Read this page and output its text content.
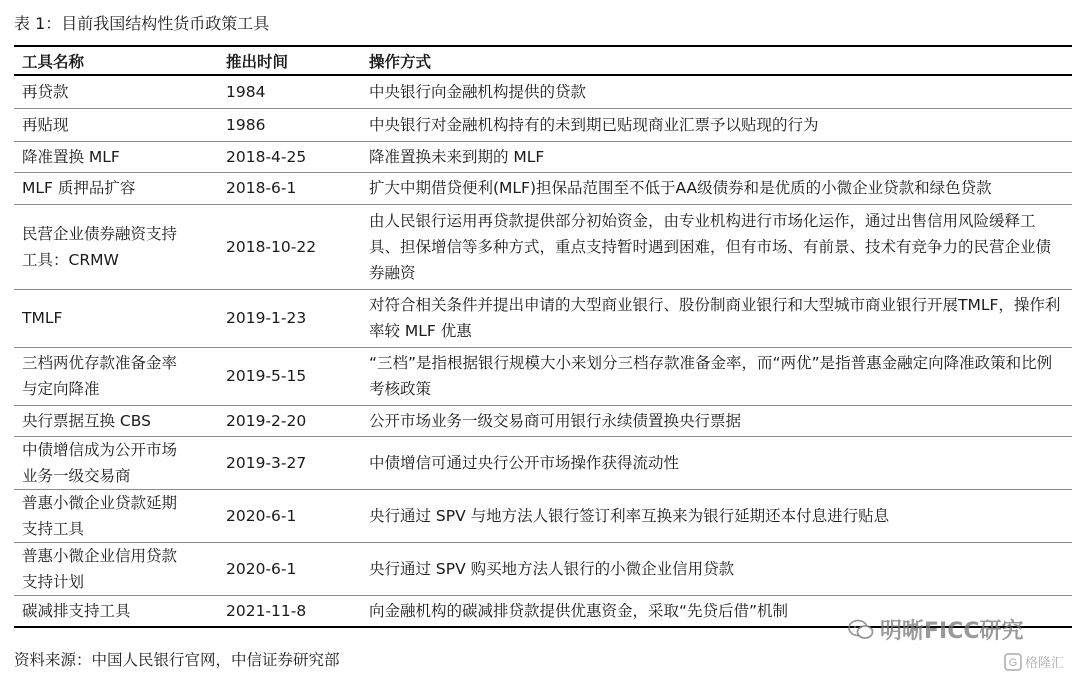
表 1：目前我国结构性货币政策工具
工具名称	推出时间	操作方式

再贷款	1984	中央银行向金融机构提供的贷款

再贴现	1986	中央银行对金融机构持有的未到期已贴现商业汇票予以贴现的行为

降准置换 MLF	2018-4-25	降准置换未来到期的 MLF

MLF 质押品扩容	2018-6-1	扩大中期借贷便利(MLF)担保品范围至不低于AA级债券和是优质的小微企业贷款和绿色贷款

民营企业债券融资支持
工具：CRMW	2018-10-22	由人民银行运用再贷款提供部分初始资金，由专业机构进行市场化运作，通过出售信用风险缓释工具、担保增信等多种方式，重点支持暂时遇到困难，但有市场、有前景、技术有竞争力的民营企业债券融资

TMLF	2019-1-23	对符合相关条件并提出申请的大型商业银行、股份制商业银行和大型城市商业银行开展TMLF，操作利率较 MLF 优惠

三档两优存款准备金率
与定向降准	2019-5-15	“三档”是指根据银行规模大小来划分三档存款准备金率，而“两优”是指普惠金融定向降准政策和比例考核政策

央行票据互换 CBS	2019-2-20	公开市场业务一级交易商可用银行永续债置换央行票据

中债增信成为公开市场
业务一级交易商	2019-3-27	中债增信可通过央行公开市场操作获得流动性

普惠小微企业贷款延期
支持工具	2020-6-1	央行通过 SPV 与地方法人银行签订利率互换来为银行延期还本付息进行贴息

普惠小微企业信用贷款
支持计划	2020-6-1	央行通过 SPV 购买地方法人银行的小微企业信用贷款

碳减排支持工具	2021-11-8	向金融机构的碳减排贷款提供优惠资金，采取“先贷后借”机制
资料来源：中国人民银行官网，中信证券研究部
明晰FICC研究
G 格隆汇
